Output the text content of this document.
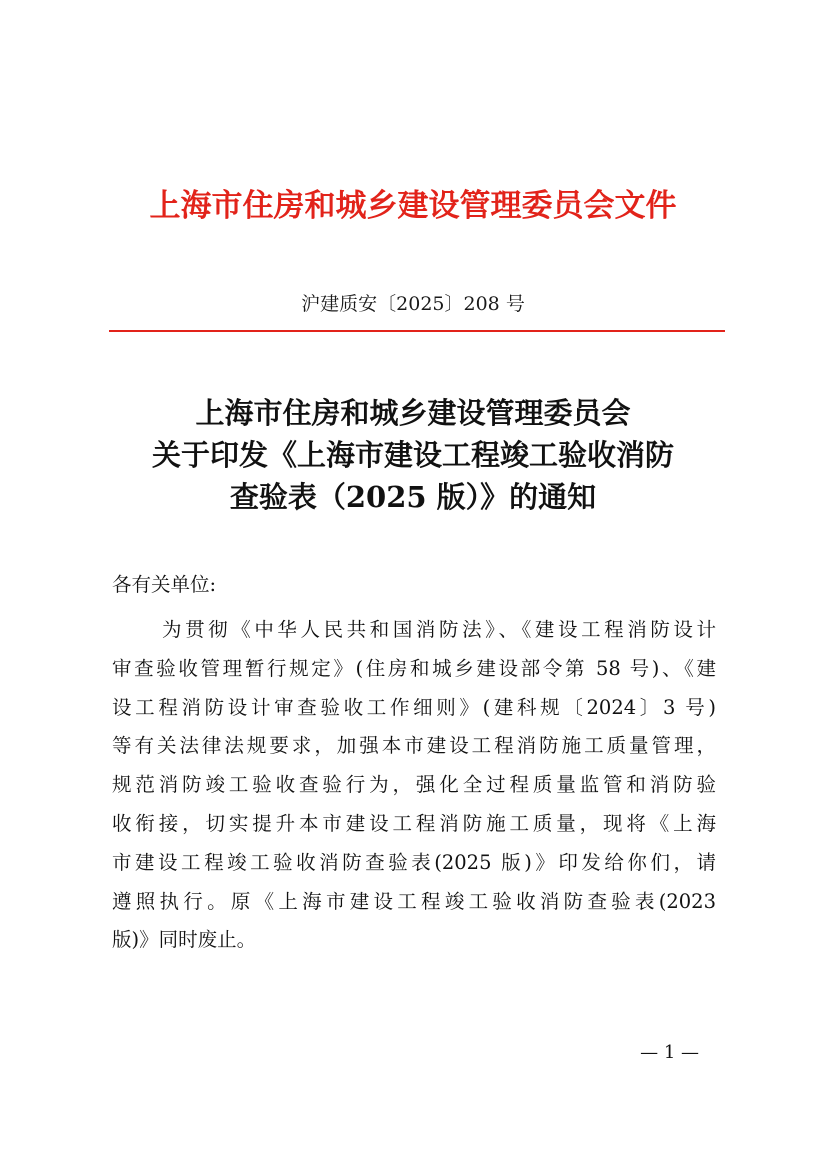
上海市住房和城乡建设管理委员会文件
沪建质安〔2025〕208 号
上海市住房和城乡建设管理委员会
关于印发《上海市建设工程竣工验收消防
查验表（2025 版）》的通知
各有关单位:
为贯彻《中华人民共和国消防法》、《建设工程消防设计
审查验收管理暂行规定》(住房和城乡建设部令第 58 号)、《建
设工程消防设计审查验收工作细则》(建科规〔2024〕3 号)
等有关法律法规要求，加强本市建设工程消防施工质量管理，
规范消防竣工验收查验行为，强化全过程质量监管和消防验
收衔接，切实提升本市建设工程消防施工质量，现将《上海
市建设工程竣工验收消防查验表(2025 版)》印发给你们，请
遵照执行。原《上海市建设工程竣工验收消防查验表(2023
版)》同时废止。
— 1 —
